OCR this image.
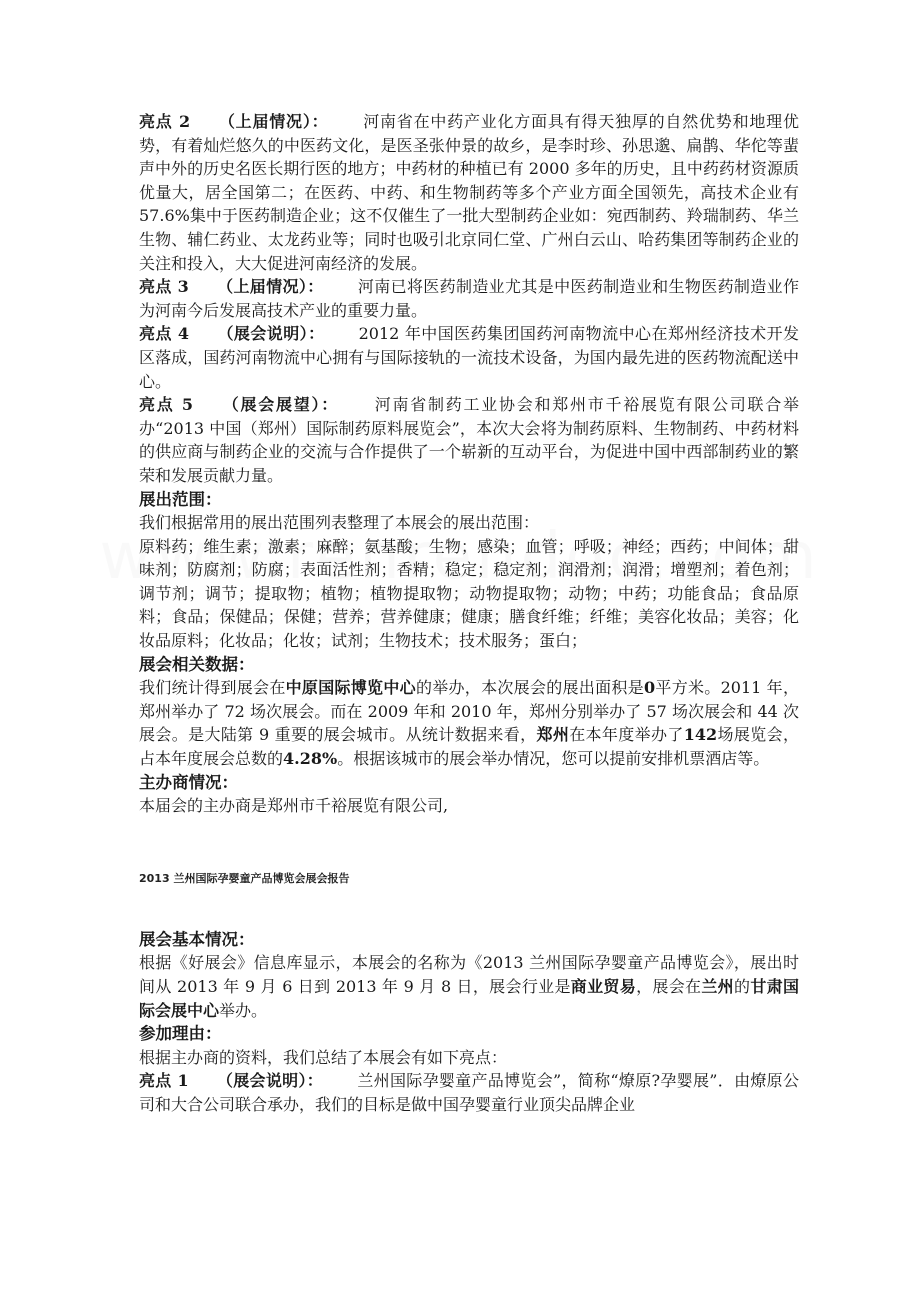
亮点 2 （上届情况）： 河南省在中药产业化方面具有得天独厚的自然优势和地理优势，有着灿烂悠久的中医药文化，是医圣张仲景的故乡，是李时珍、孙思邈、扁鹊、华佗等蜚声中外的历史名医长期行医的地方；中药材的种植已有 2000 多年的历史，且中药药材资源质优量大，居全国第二；在医药、中药、和生物制药等多个产业方面全国领先，高技术企业有 57.6%集中于医药制造企业；这不仅催生了一批大型制药企业如：宛西制药、羚瑞制药、华兰生物、辅仁药业、太龙药业等；同时也吸引北京同仁堂、广州白云山、哈药集团等制药企业的关注和投入，大大促进河南经济的发展。

亮点 3 （上届情况）： 河南已将医药制造业尤其是中医药制造业和生物医药制造业作为河南今后发展高技术产业的重要力量。

亮点 4 （展会说明）： 2012 年中国医药集团国药河南物流中心在郑州经济技术开发区落成，国药河南物流中心拥有与国际接轨的一流技术设备，为国内最先进的医药物流配送中心。

亮点 5 （展会展望）： 河南省制药工业协会和郑州市千裕展览有限公司联合举办“2013 中国（郑州）国际制药原料展览会”，本次大会将为制药原料、生物制药、中药材料的供应商与制药企业的交流与合作提供了一个崭新的互动平台，为促进中国中西部制药业的繁荣和发展贡献力量。

展出范围：

我们根据常用的展出范围列表整理了本展会的展出范围：

原料药；维生素；激素；麻醉；氨基酸；生物；感染；血管；呼吸；神经；西药；中间体；甜味剂；防腐剂；防腐；表面活性剂；香精；稳定；稳定剂；润滑剂；润滑；增塑剂；着色剂；调节剂；调节；提取物；植物；植物提取物；动物提取物；动物；中药；功能食品；食品原料；食品；保健品；保健；营养；营养健康；健康；膳食纤维；纤维；美容化妆品；美容；化妆品原料；化妆品；化妆；试剂；生物技术；技术服务；蛋白；

展会相关数据：

我们统计得到展会在中原国际博览中心的举办，本次展会的展出面积是0平方米。2011 年，郑州举办了 72 场次展会。而在 2009 年和 2010 年，郑州分别举办了 57 场次展会和 44 次展会。是大陆第 9 重要的展会城市。从统计数据来看，郑州在本年度举办了142场展览会，占本年度展会总数的4.28%。根据该城市的展会举办情况，您可以提前安排机票酒店等。

主办商情况：

本届会的主办商是郑州市千裕展览有限公司,

2013 兰州国际孕婴童产品博览会展会报告

展会基本情况：

根据《好展会》信息库显示，本展会的名称为《2013 兰州国际孕婴童产品博览会》，展出时间从 2013 年 9 月 6 日到 2013 年 9 月 8 日，展会行业是商业贸易，展会在兰州的甘肃国际会展中心举办。

参加理由：

根据主办商的资料，我们总结了本展会有如下亮点：

亮点 1 （展会说明）： 兰州国际孕婴童产品博览会”，简称“燎原?孕婴展”．由燎原公司和大合公司联合承办，我们的目标是做中国孕婴童行业顶尖品牌企业
